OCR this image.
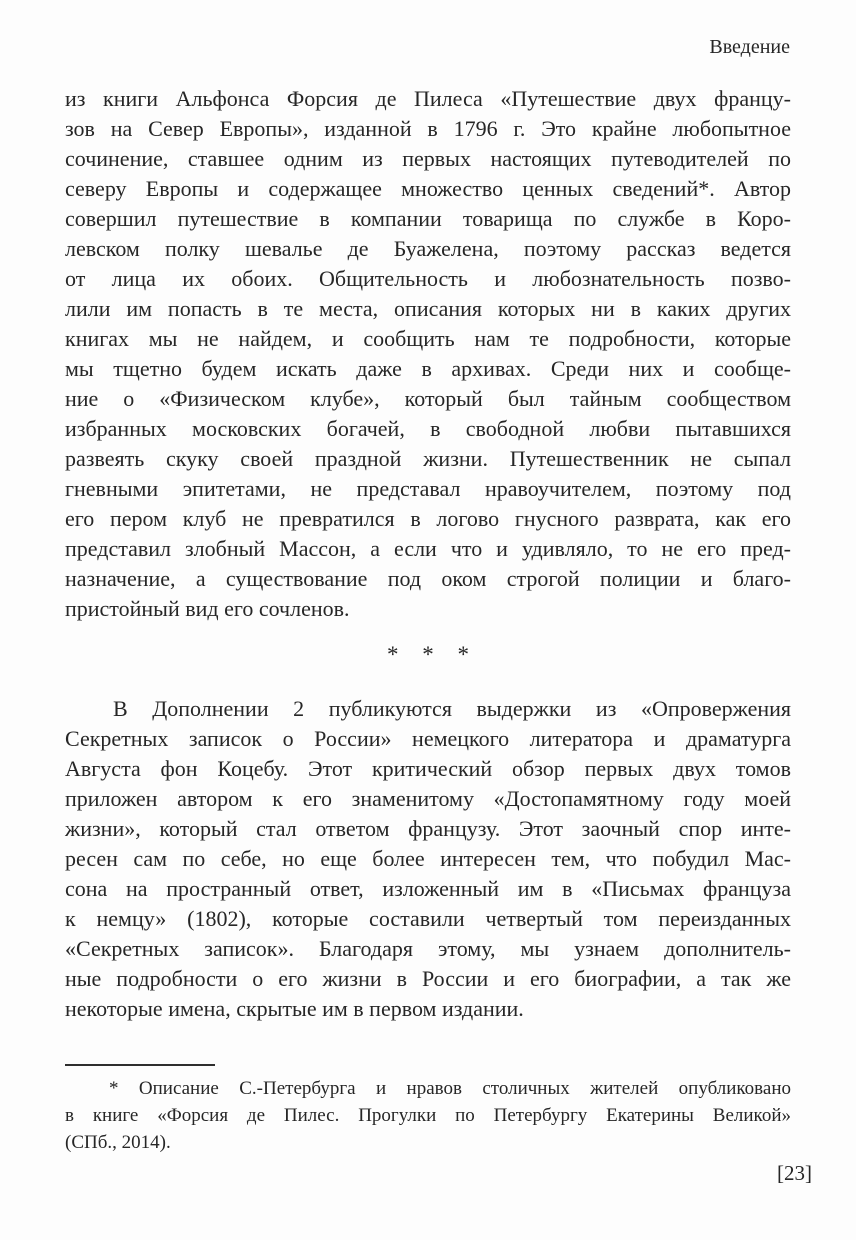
Введение
из книги Альфонса Форсия де Пилеса «Путешествие двух францу-
зов на Север Европы», изданной в 1796 г. Это крайне любопытное
сочинение, ставшее одним из первых настоящих путеводителей по
северу Европы и содержащее множество ценных сведений*. Автор
совершил путешествие в компании товарища по службе в Коро-
левском полку шевалье де Буажелена, поэтому рассказ ведется
от лица их обоих. Общительность и любознательность позво-
лили им попасть в те места, описания которых ни в каких других
книгах мы не найдем, и сообщить нам те подробности, которые
мы тщетно будем искать даже в архивах. Среди них и сообще-
ние о «Физическом клубе», который был тайным сообществом
избранных московских богачей, в свободной любви пытавшихся
развеять скуку своей праздной жизни. Путешественник не сыпал
гневными эпитетами, не представал нравоучителем, поэтому под
его пером клуб не превратился в логово гнусного разврата, как его
представил злобный Массон, а если что и удивляло, то не его пред-
назначение, а существование под оком строгой полиции и благо-
пристойный вид его сочленов.
* * *
В Дополнении 2 публикуются выдержки из «Опровержения
Секретных записок о России» немецкого литератора и драматурга
Августа фон Коцебу. Этот критический обзор первых двух томов
приложен автором к его знаменитому «Достопамятному году моей
жизни», который стал ответом французу. Этот заочный спор инте-
ресен сам по себе, но еще более интересен тем, что побудил Мас-
сона на пространный ответ, изложенный им в «Письмах француза
к немцу» (1802), которые составили четвертый том переизданных
«Секретных записок». Благодаря этому, мы узнаем дополнитель-
ные подробности о его жизни в России и его биографии, а так же
некоторые имена, скрытые им в первом издании.
* Описание С.-Петербурга и нравов столичных жителей опубликовано
в книге «Форсия де Пилес. Прогулки по Петербургу Екатерины Великой»
(СПб., 2014).
[23]
